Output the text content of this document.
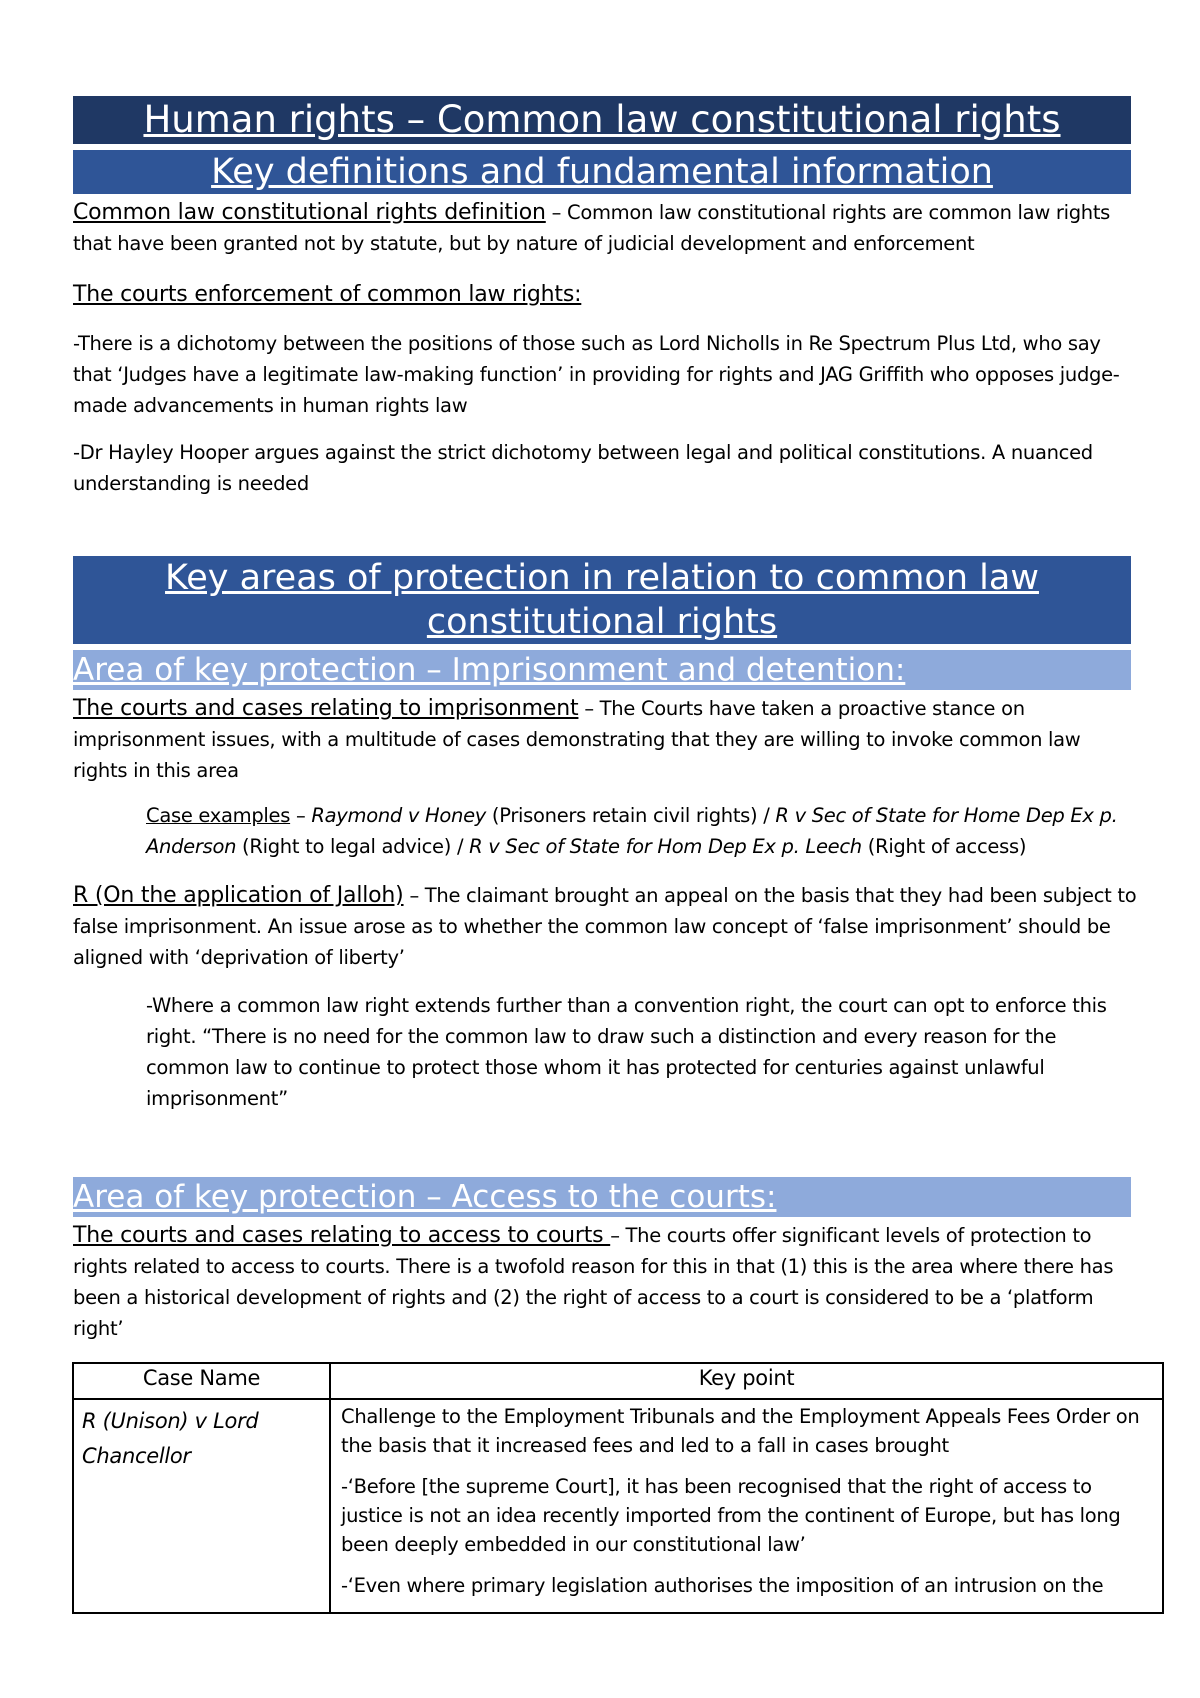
Human rights – Common law constitutional rights
Key definitions and fundamental information
Common law constitutional rights definition – Common law constitutional rights are common law rights that have been granted not by statute, but by nature of judicial development and enforcement
The courts enforcement of common law rights:
-There is a dichotomy between the positions of those such as Lord Nicholls in Re Spectrum Plus Ltd, who say that ‘Judges have a legitimate law-making function’ in providing for rights and JAG Griffith who opposes judge-made advancements in human rights law
-Dr Hayley Hooper argues against the strict dichotomy between legal and political constitutions. A nuanced understanding is needed
Key areas of protection in relation to common law constitutional rights
Area of key protection – Imprisonment and detention:
The courts and cases relating to imprisonment – The Courts have taken a proactive stance on imprisonment issues, with a multitude of cases demonstrating that they are willing to invoke common law rights in this area
Case examples – Raymond v Honey (Prisoners retain civil rights) / R v Sec of State for Home Dep Ex p. Anderson (Right to legal advice) / R v Sec of State for Hom Dep Ex p. Leech (Right of access)
R (On the application of Jalloh) – The claimant brought an appeal on the basis that they had been subject to false imprisonment. An issue arose as to whether the common law concept of ‘false imprisonment’ should be aligned with ‘deprivation of liberty’
-Where a common law right extends further than a convention right, the court can opt to enforce this right. “There is no need for the common law to draw such a distinction and every reason for the common law to continue to protect those whom it has protected for centuries against unlawful imprisonment”
Area of key protection – Access to the courts:
The courts and cases relating to access to courts – The courts offer significant levels of protection to rights related to access to courts. There is a twofold reason for this in that (1) this is the area where there has been a historical development of rights and (2) the right of access to a court is considered to be a ‘platform right’
Case Name	Key point
R (Unison) v Lord Chancellor	Challenge to the Employment Tribunals and the Employment Appeals Fees Order on the basis that it increased fees and led to a fall in cases brought

-‘Before [the supreme Court], it has been recognised that the right of access to justice is not an idea recently imported from the continent of Europe, but has long been deeply embedded in our constitutional law’

-‘Even where primary legislation authorises the imposition of an intrusion on the
